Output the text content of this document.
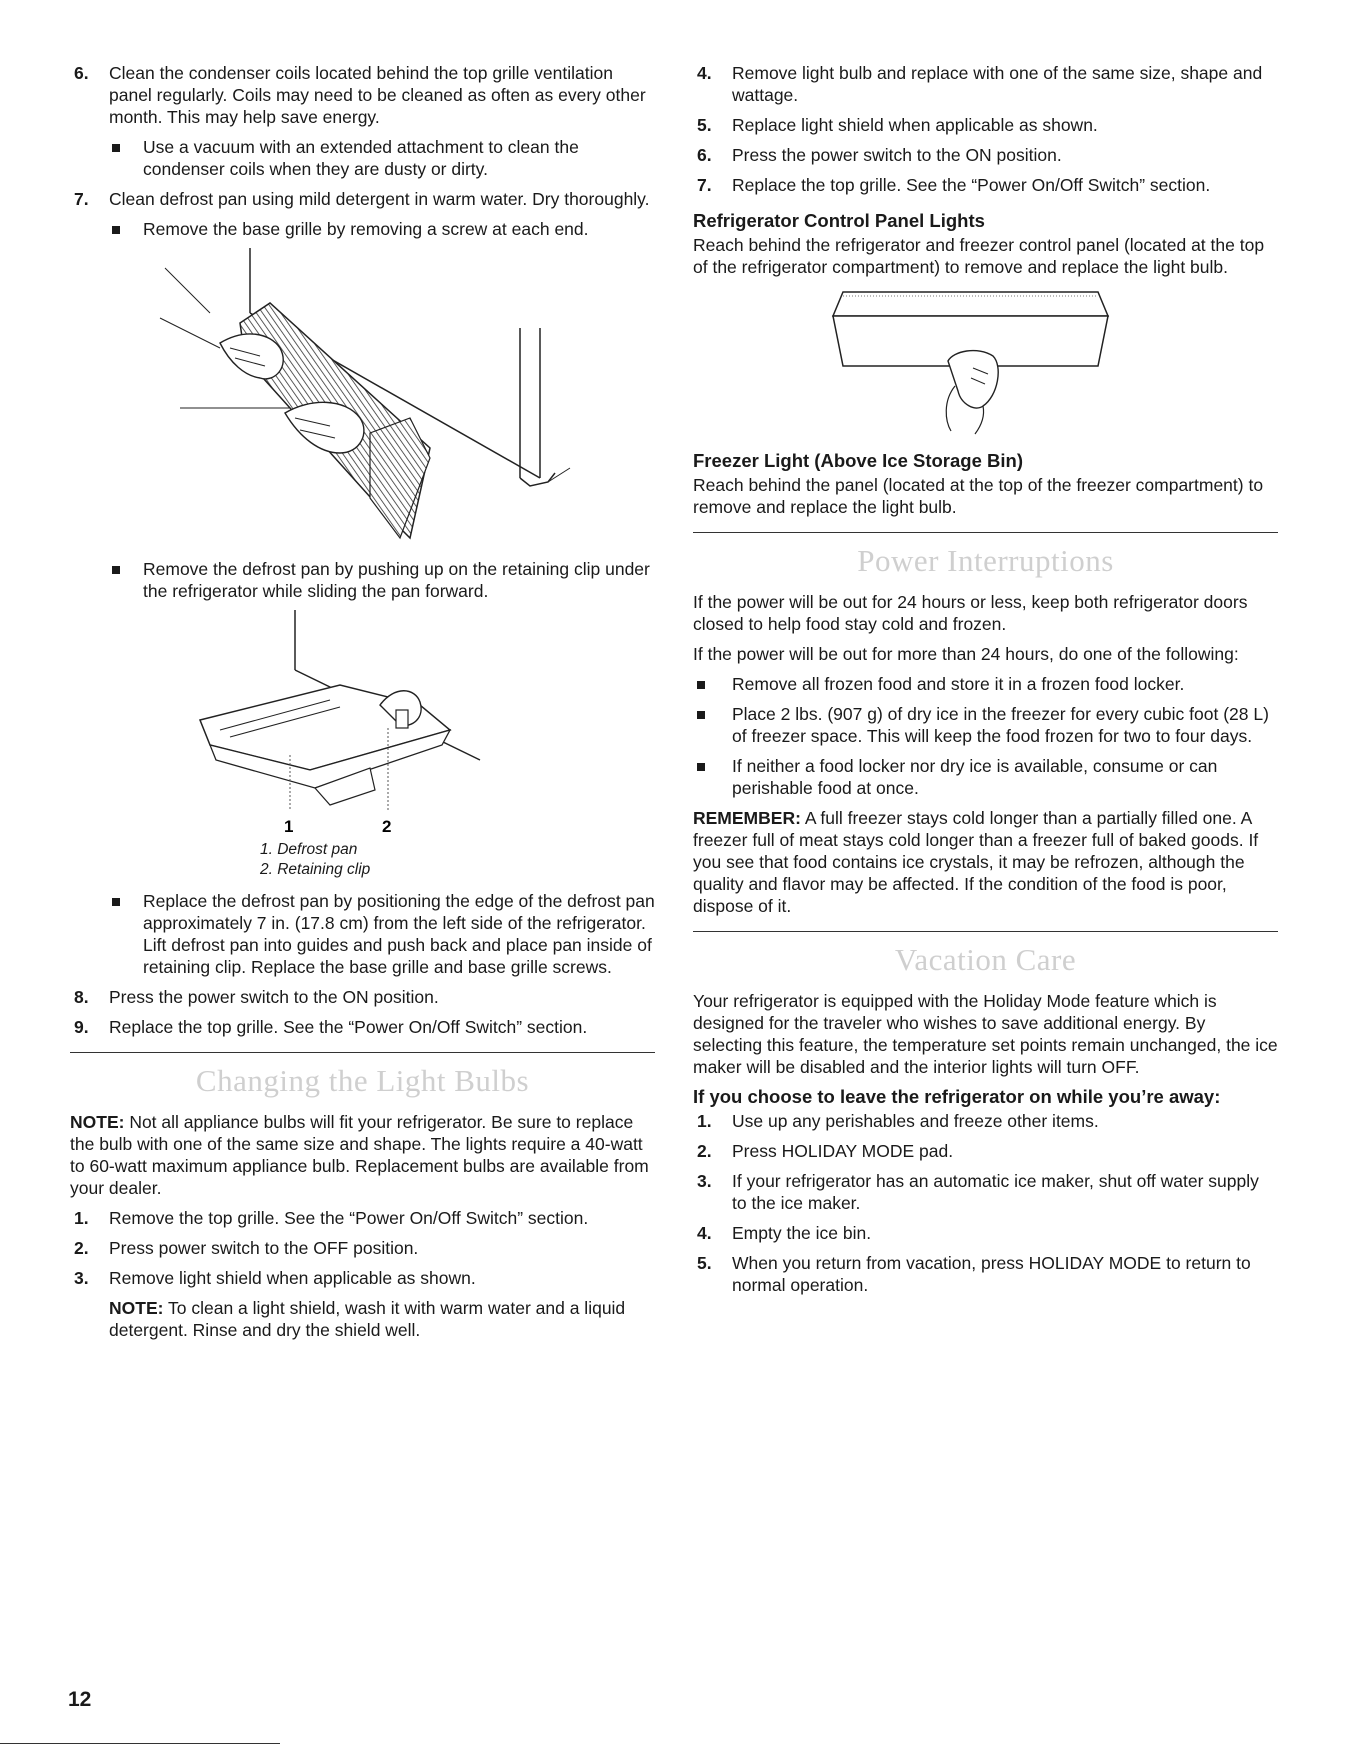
6. Clean the condenser coils located behind the top grille ventilation panel regularly. Coils may need to be cleaned as often as every other month. This may help save energy.
Use a vacuum with an extended attachment to clean the condenser coils when they are dusty or dirty.
7. Clean defrost pan using mild detergent in warm water. Dry thoroughly.
Remove the base grille by removing a screw at each end.
Remove the defrost pan by pushing up on the retaining clip under the refrigerator while sliding the pan forward.
1	2
1. Defrost pan
2. Retaining clip
Replace the defrost pan by positioning the edge of the defrost pan approximately 7 in. (17.8 cm) from the left side of the refrigerator. Lift defrost pan into guides and push back and place pan inside of retaining clip. Replace the base grille and base grille screws.
8. Press the power switch to the ON position.
9. Replace the top grille. See the “Power On/Off Switch” section.
Changing the Light Bulbs

NOTE: Not all appliance bulbs will fit your refrigerator. Be sure to replace the bulb with one of the same size and shape. The lights require a 40-watt to 60-watt maximum appliance bulb. Replacement bulbs are available from your dealer.

1. Remove the top grille. See the “Power On/Off Switch” section.
2. Press power switch to the OFF position.
3. Remove light shield when applicable as shown.

NOTE: To clean a light shield, wash it with warm water and a liquid detergent. Rinse and dry the shield well.

4. Remove light bulb and replace with one of the same size, shape and wattage.
5. Replace light shield when applicable as shown.
6. Press the power switch to the ON position.
7. Replace the top grille. See the “Power On/Off Switch” section.
Refrigerator Control Panel Lights

Reach behind the refrigerator and freezer control panel (located at the top of the refrigerator compartment) to remove and replace the light bulb.

Freezer Light (Above Ice Storage Bin)

Reach behind the panel (located at the top of the freezer compartment) to remove and replace the light bulb.

Power Interruptions

If the power will be out for 24 hours or less, keep both refrigerator doors closed to help food stay cold and frozen.

If the power will be out for more than 24 hours, do one of the following:

Remove all frozen food and store it in a frozen food locker.
Place 2 lbs. (907 g) of dry ice in the freezer for every cubic foot (28 L) of freezer space. This will keep the food frozen for two to four days.
If neither a food locker nor dry ice is available, consume or can perishable food at once.

REMEMBER: A full freezer stays cold longer than a partially filled one. A freezer full of meat stays cold longer than a freezer full of baked goods. If you see that food contains ice crystals, it may be refrozen, although the quality and flavor may be affected. If the condition of the food is poor, dispose of it.

Vacation Care

Your refrigerator is equipped with the Holiday Mode feature which is designed for the traveler who wishes to save additional energy. By selecting this feature, the temperature set points remain unchanged, the ice maker will be disabled and the interior lights will turn OFF.

If you choose to leave the refrigerator on while you’re away:
1. Use up any perishables and freeze other items.
2. Press HOLIDAY MODE pad.
3. If your refrigerator has an automatic ice maker, shut off water supply to the ice maker.
4. Empty the ice bin.
5. When you return from vacation, press HOLIDAY MODE to return to normal operation.
12
